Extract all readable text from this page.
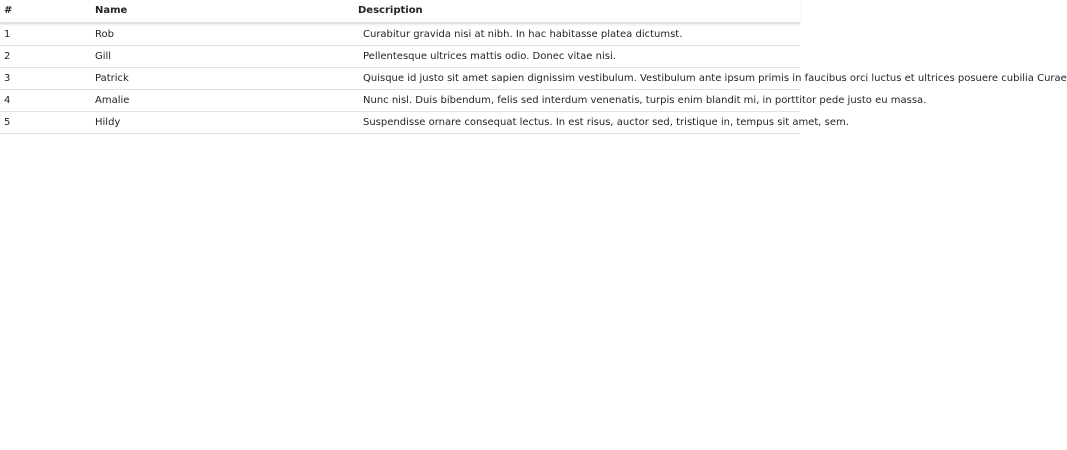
#	Name	Description
1	Rob	Curabitur gravida nisi at nibh. In hac habitasse platea dictumst.
2	Gill	Pellentesque ultrices mattis odio. Donec vitae nisi.
3	Patrick	Quisque id justo sit amet sapien dignissim vestibulum. Vestibulum ante ipsum primis in faucibus orci luctus et ultrices posuere cubilia Curae
4	Amalie	Nunc nisl. Duis bibendum, felis sed interdum venenatis, turpis enim blandit mi, in porttitor pede justo eu massa.
5	Hildy	Suspendisse ornare consequat lectus. In est risus, auctor sed, tristique in, tempus sit amet, sem.
